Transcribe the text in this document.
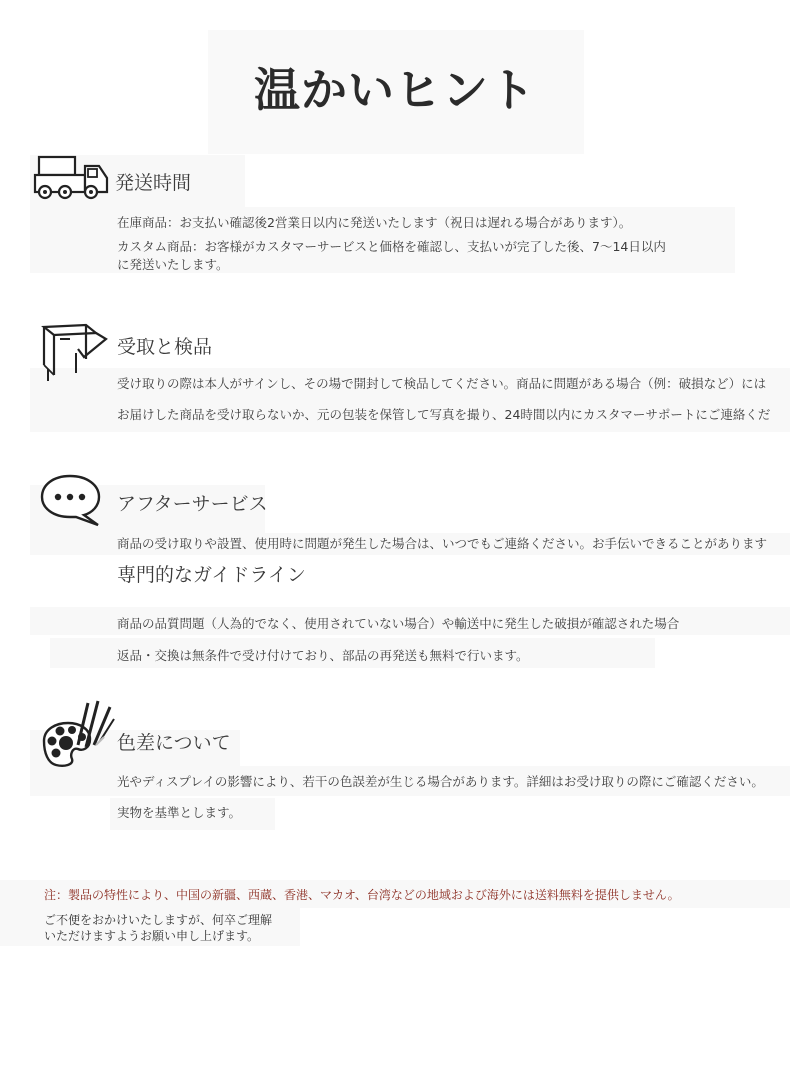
温かいヒント
発送時間
在庫商品：お支払い確認後2営業日以内に発送いたします（祝日は遅れる場合があります）。
カスタム商品：お客様がカスタマーサービスと価格を確認し、支払いが完了した後、7〜14日以内
に発送いたします。
受取と検品
受け取りの際は本人がサインし、その場で開封して検品してください。商品に問題がある場合（例：破損など）には
お届けした商品を受け取らないか、元の包装を保管して写真を撮り、24時間以内にカスタマーサポートにご連絡くだ
アフターサービス
商品の受け取りや設置、使用時に問題が発生した場合は、いつでもご連絡ください。お手伝いできることがあります
専門的なガイドライン
商品の品質問題（人為的でなく、使用されていない場合）や輸送中に発生した破損が確認された場合
返品・交換は無条件で受け付けており、部品の再発送も無料で行います。
色差について
光やディスプレイの影響により、若干の色誤差が生じる場合があります。詳細はお受け取りの際にご確認ください。
実物を基準とします。
注：製品の特性により、中国の新疆、西蔵、香港、マカオ、台湾などの地域および海外には送料無料を提供しません。
ご不便をおかけいたしますが、何卒ご理解
いただけますようお願い申し上げます。
